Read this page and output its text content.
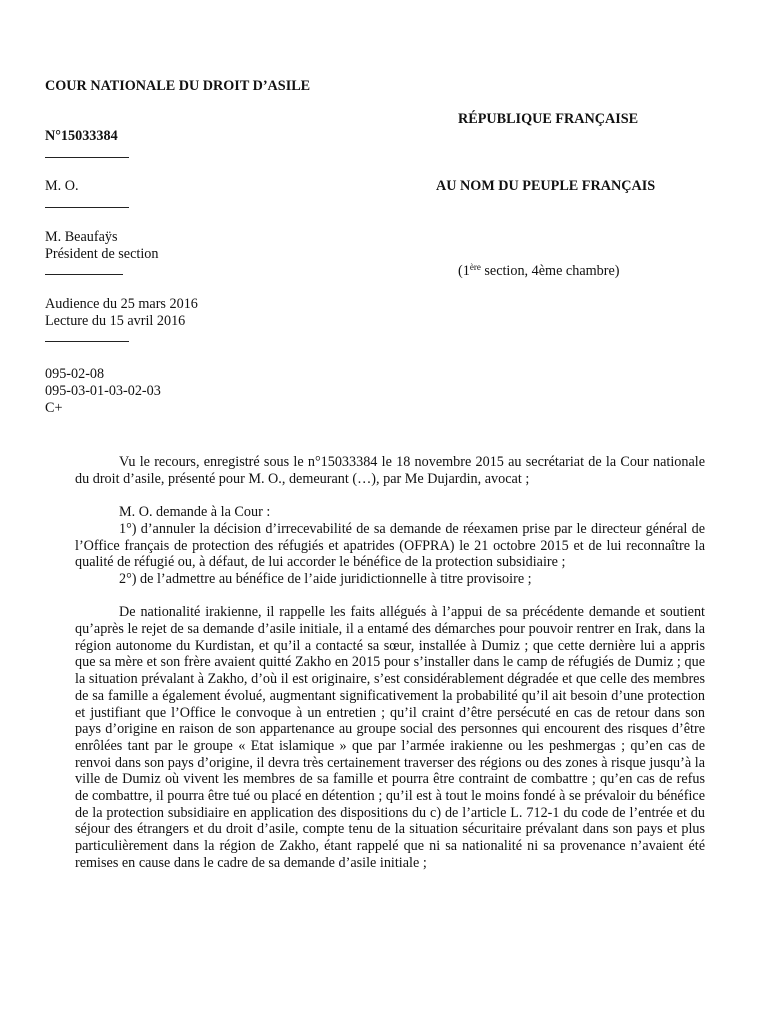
COUR NATIONALE DU DROIT D’ASILE
RÉPUBLIQUE FRANÇAISE
N°15033384
M. O.	AU NOM DU PEUPLE FRANÇAIS
M. Beaufaÿs
Président de section
(1ère section, 4ème chambre)
Audience du 25 mars 2016
Lecture du 15 avril 2016
095-02-08
095-03-01-03-02-03
C+

Vu le recours, enregistré sous le n°15033384 le 18 novembre 2015 au secrétariat de la Cour nationale du droit d’asile, présenté pour M. O., demeurant (…), par Me Dujardin, avocat ;

M. O. demande à la Cour :

1°) d’annuler la décision d’irrecevabilité de sa demande de réexamen prise par le directeur général de l’Office français de protection des réfugiés et apatrides (OFPRA) le 21 octobre 2015 et de lui reconnaître la qualité de réfugié ou, à défaut, de lui accorder le bénéfice de la protection subsidiaire ;

2°) de l’admettre au bénéfice de l’aide juridictionnelle à titre provisoire ;

De nationalité irakienne, il rappelle les faits allégués à l’appui de sa précédente demande et soutient qu’après le rejet de sa demande d’asile initiale, il a entamé des démarches pour pouvoir rentrer en Irak, dans la région autonome du Kurdistan, et qu’il a contacté sa sœur, installée à Dumiz ; que cette dernière lui a appris que sa mère et son frère avaient quitté Zakho en 2015 pour s’installer dans le camp de réfugiés de Dumiz ; que la situation prévalant à Zakho, d’où il est originaire, s’est considérablement dégradée et que celle des membres de sa famille a également évolué, augmentant significativement la probabilité qu’il ait besoin d’une protection et justifiant que l’Office le convoque à un entretien ; qu’il craint d’être persécuté en cas de retour dans son pays d’origine en raison de son appartenance au groupe social des personnes qui encourent des risques d’être enrôlées tant par le groupe « Etat islamique » que par l’armée irakienne ou les peshmergas ; qu’en cas de renvoi dans son pays d’origine, il devra très certainement traverser des régions ou des zones à risque jusqu’à la ville de Dumiz où vivent les membres de sa famille et pourra être contraint de combattre ; qu’en cas de refus de combattre, il pourra être tué ou placé en détention ; qu’il est à tout le moins fondé à se prévaloir du bénéfice de la protection subsidiaire en application des dispositions du c) de l’article L. 712-1 du code de l’entrée et du séjour des étrangers et du droit d’asile, compte tenu de la situation sécuritaire prévalant dans son pays et plus particulièrement dans la région de Zakho, étant rappelé que ni sa nationalité ni sa provenance n’avaient été remises en cause dans le cadre de sa demande d’asile initiale ;
